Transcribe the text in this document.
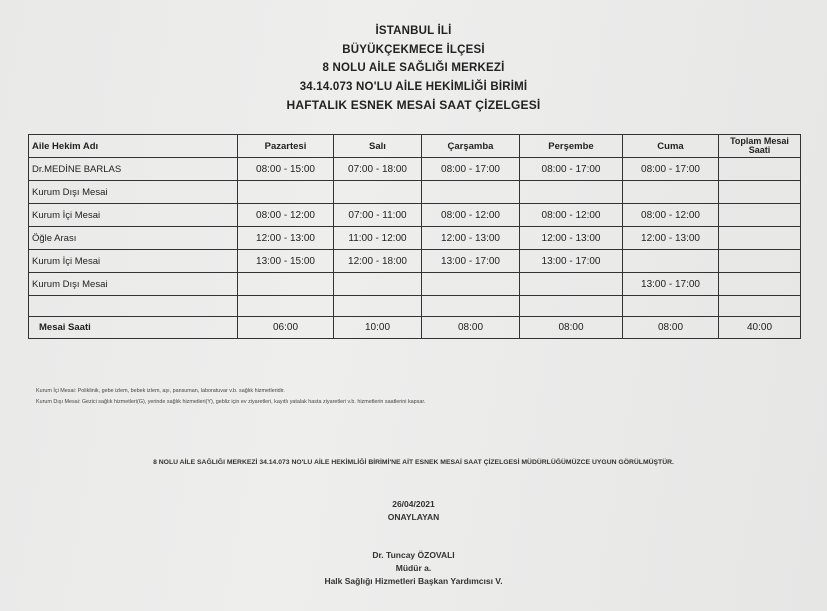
İSTANBUL İLİ
BÜYÜKÇEKMECE İLÇESİ
8 NOLU AİLE SAĞLIĞI MERKEZİ
34.14.073 NO'LU AİLE HEKİMLİĞİ BİRİMİ
HAFTALIK ESNEK MESAİ SAAT ÇİZELGESİ
Aile Hekim Adı	Pazartesi	Salı	Çarşamba	Perşembe	Cuma	Toplam Mesai Saati
Dr.MEDİNE BARLAS	08:00 - 15:00	07:00 - 18:00	08:00 - 17:00	08:00 - 17:00	08:00 - 17:00	
Kurum Dışı Mesai						
Kurum İçi Mesai	08:00 - 12:00	07:00 - 11:00	08:00 - 12:00	08:00 - 12:00	08:00 - 12:00	
Öğle Arası	12:00 - 13:00	11:00 - 12:00	12:00 - 13:00	12:00 - 13:00	12:00 - 13:00	
Kurum İçi Mesai	13:00 - 15:00	12:00 - 18:00	13:00 - 17:00	13:00 - 17:00		
Kurum Dışı Mesai					13:00 - 17:00	

Mesai Saati	06:00	10:00	08:00	08:00	08:00	40:00
Kurum İçi Mesai: Poliklinik, gebe izlem, bebek izlem, aşı, pansuman, laboratuvar v.b. sağlık hizmetleridir.
Kurum Dışı Mesai: Gezici sağlık hizmetleri(G), yerinde sağlık hizmetleri(Y), gebliz için ev ziyaretleri, kayıtlı yatalak hasta ziyaretleri v.b. hizmetlerin saatlerini kapsar.
8 NOLU AİLE SAĞLIĞI MERKEZİ 34.14.073 NO'LU AİLE HEKİMLİĞİ BİRİMİ'NE AİT ESNEK MESAİ SAAT ÇİZELGESİ MÜDÜRLÜĞÜMÜZCE UYGUN GÖRÜLMÜŞTÜR.
26/04/2021
ONAYLAYAN
Dr. Tuncay ÖZOVALI
Müdür a.
Halk Sağlığı Hizmetleri Başkan Yardımcısı V.
